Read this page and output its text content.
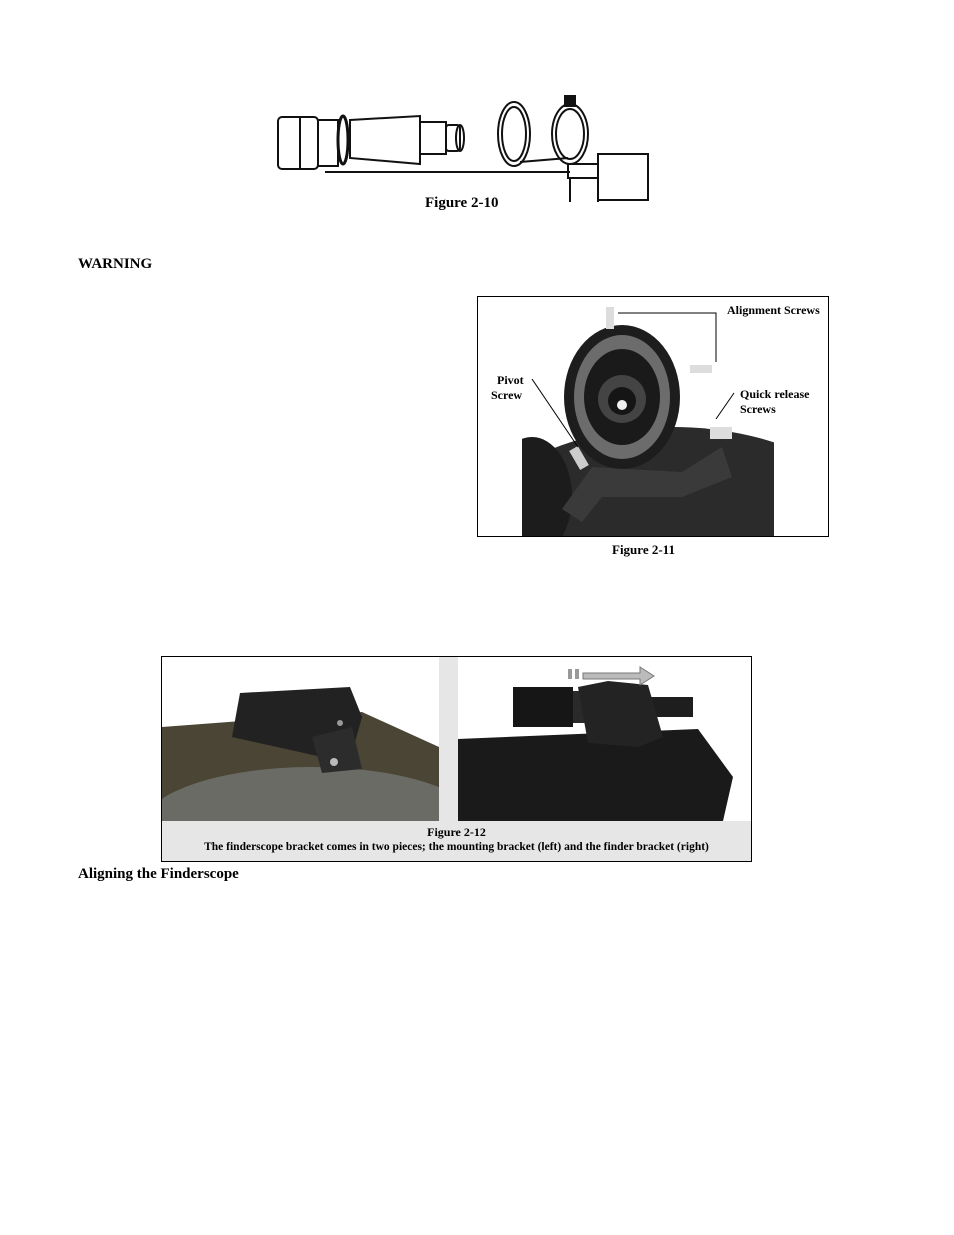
Figure 2-10
WARNING
Alignment Screws
Pivot
Screw	Quick release
Screws
Figure 2-11
Figure 2-12
The finderscope bracket comes in two pieces; the mounting bracket (left) and the finder bracket (right)
Aligning the Finderscope
